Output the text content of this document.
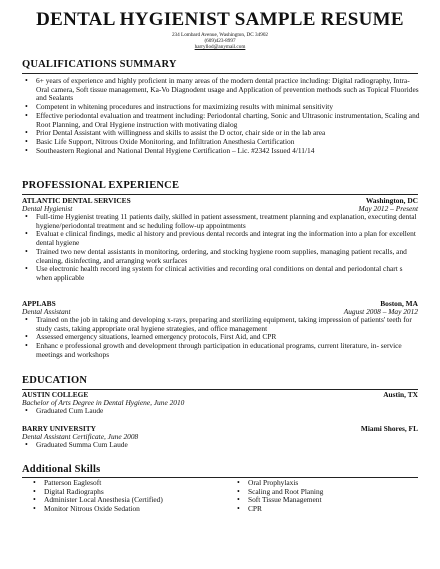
DENTAL HYGIENIST SAMPLE RESUME
234 Lombard Avenue, Washington, DC 34902
(609)423-8997
harryllod@anymail.com
QUALIFICATIONS SUMMARY
• 6+ years of experience and highly proficient in many areas of the modern dental practice including: Digital radiography, Intra-Oral camera, Soft tissue management, Ka-Vo Diagnodent usage and Application of prevention methods such as Topical Fluorides and Sealants
• Competent in whitening procedures and instructions for maximizing results with minimal sensitivity
• Effective periodontal evaluation and treatment including: Periodontal charting, Sonic and Ultrasonic instrumentation, Scaling and Root Planning, and Oral Hygiene instruction with motivating dialog
• Prior Dental Assistant with willingness and skills to assist the D octor, chair side or in the lab area
• Basic Life Support, Nitrous Oxide Monitoring, and Infiltration Anesthesia Certification
• Southeastern Regional and National Dental Hygiene Certification – Lic. #2342 Issued 4/11/14
PROFESSIONAL EXPERIENCE
ATLANTIC DENTAL SERVICES	Washington, DC
Dental Hygienist	May 2012 – Present
• Full-time Hygienist treating 11 patients daily, skilled in patient assessment, treatment planning and explanation, executing dental hygiene/periodontal treatment and sc heduling follow-up appointments
• Evaluat e clinical findings, medic al history and previous dental records and integrat ing the information into a plan for excellent dental hygiene
• Trained two new dental assistants in monitoring, ordering, and stocking hygiene room supplies, managing patient recalls, and cleaning, disinfecting, and arranging work surfaces
• Use electronic health record ing system for clinical activities and recording oral conditions on dental and periodontal chart s when applicable
APPLABS	Boston, MA
Dental Assistant	August 2008 – May 2012
• Trained on the job in taking and developing x-rays, preparing and sterilizing equipment, taking impression of patients' teeth for study casts, taking appropriate oral hygiene strategies, and office management
• Assessed emergency situations, learned emergency protocols, First Aid, and CPR
• Enhanc e professional growth and development through participation in educational programs, current literature, in- service meetings and workshops
EDUCATION
AUSTIN COLLEGE	Austin, TX
Bachelor of Arts Degree in Dental Hygiene, June 2010
• Graduated Cum Laude
BARRY UNIVERSITY	Miami Shores, FL
Dental Assistant Certificate, June 2008
• Graduated Summa Cum Laude
Additional Skills
• Patterson Eaglesoft
• Digital Radiographs
• Administer Local Anesthesia (Certified)
• Monitor Nitrous Oxide Sedation
• Oral Prophylaxis
• Scaling and Root Planing
• Soft Tissue Management
• CPR
